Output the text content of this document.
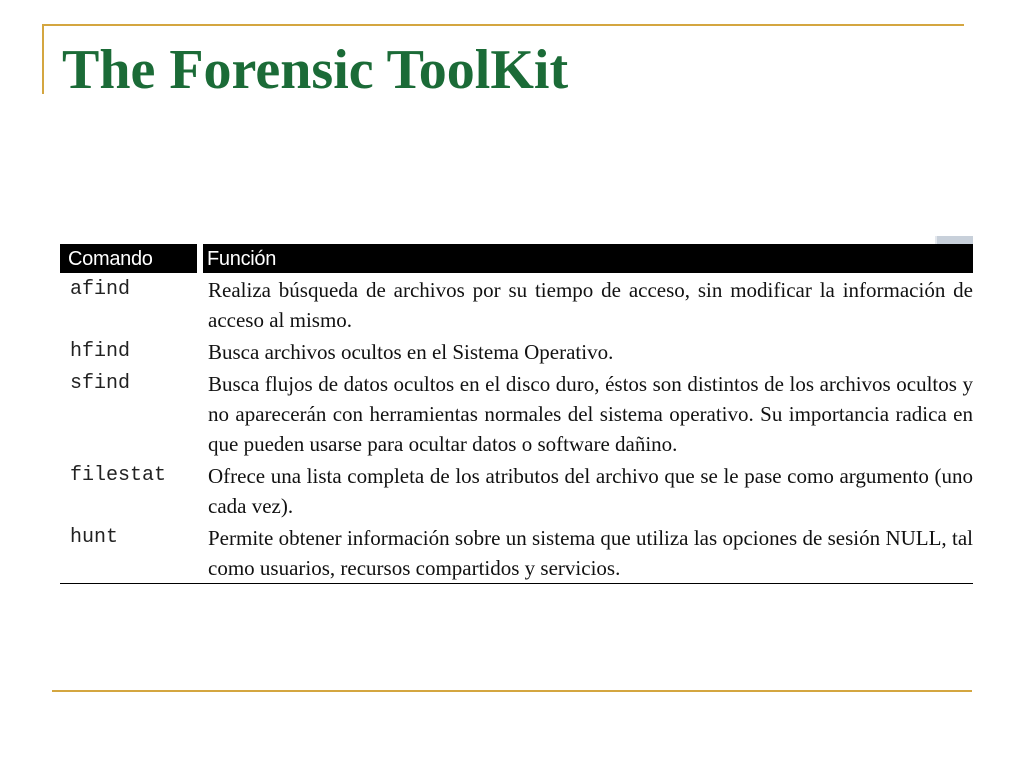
The Forensic ToolKit
Comando	Función
afind	Realiza búsqueda de archivos por su tiempo de acceso, sin modificar la información de acceso al mismo.
hfind	Busca archivos ocultos en el Sistema Operativo.
sfind	Busca flujos de datos ocultos en el disco duro, éstos son distintos de los archivos ocultos y no aparecerán con herramientas normales del sistema operativo. Su importancia radica en que pueden usarse para ocultar datos o software dañino.
filestat	Ofrece una lista completa de los atributos del archivo que se le pase como argumento (uno cada vez).
hunt	Permite obtener información sobre un sistema que utiliza las opciones de sesión NULL, tal como usuarios, recursos compartidos y servicios.
